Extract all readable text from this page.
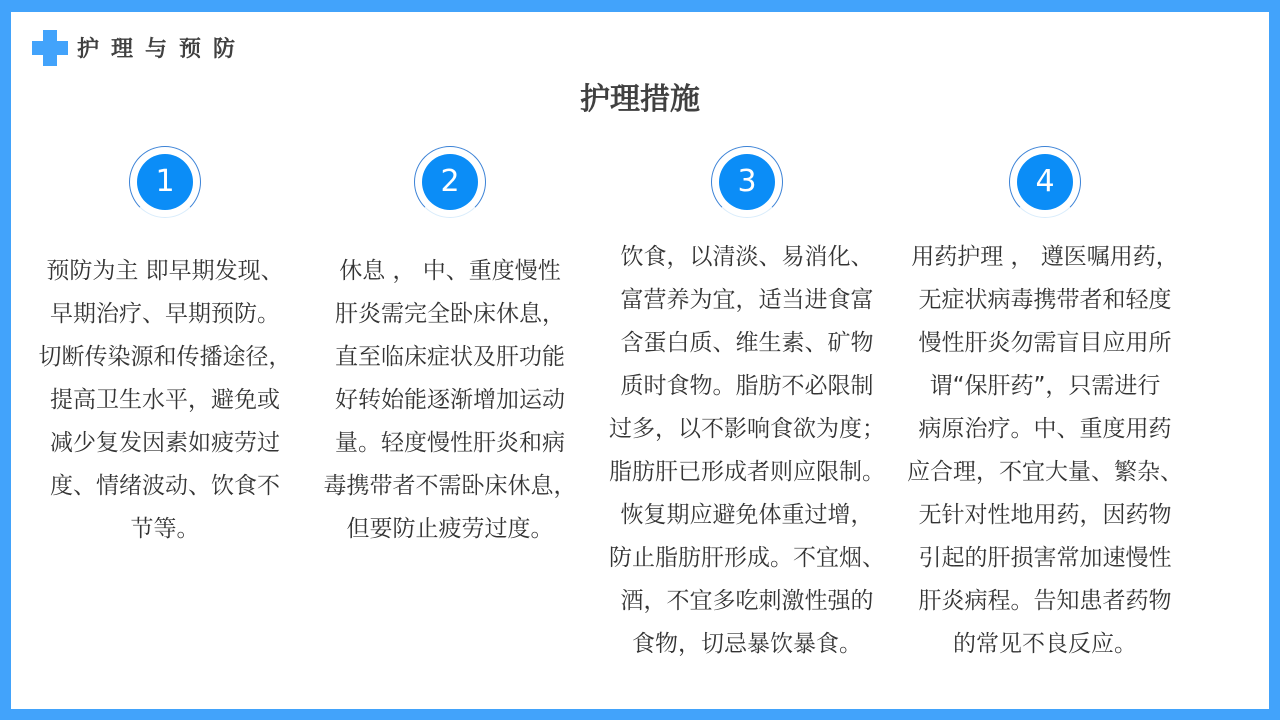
护理与预防
护理措施
1
预防为主 即早期发现、
早期治疗、早期预防。
切断传染源和传播途径，
提高卫生水平，避免或
减少复发因素如疲劳过
度、情绪波动、饮食不
节等。
2
休息 ， 中、重度慢性
肝炎需完全卧床休息，
直至临床症状及肝功能
好转始能逐渐增加运动
量。轻度慢性肝炎和病
毒携带者不需卧床休息，
但要防止疲劳过度。
3
饮食，以清淡、易消化、
富营养为宜，适当进食富
含蛋白质、维生素、矿物
质时食物。脂肪不必限制
过多，以不影响食欲为度；
脂肪肝已形成者则应限制。
恢复期应避免体重过增，
防止脂肪肝形成。不宜烟、
酒，不宜多吃刺激性强的
食物，切忌暴饮暴食。
4
用药护理 ， 遵医嘱用药，
无症状病毒携带者和轻度
慢性肝炎勿需盲目应用所
谓“保肝药”，只需进行
病原治疗。中、重度用药
应合理，不宜大量、繁杂、
无针对性地用药，因药物
引起的肝损害常加速慢性
肝炎病程。告知患者药物
的常见不良反应。
